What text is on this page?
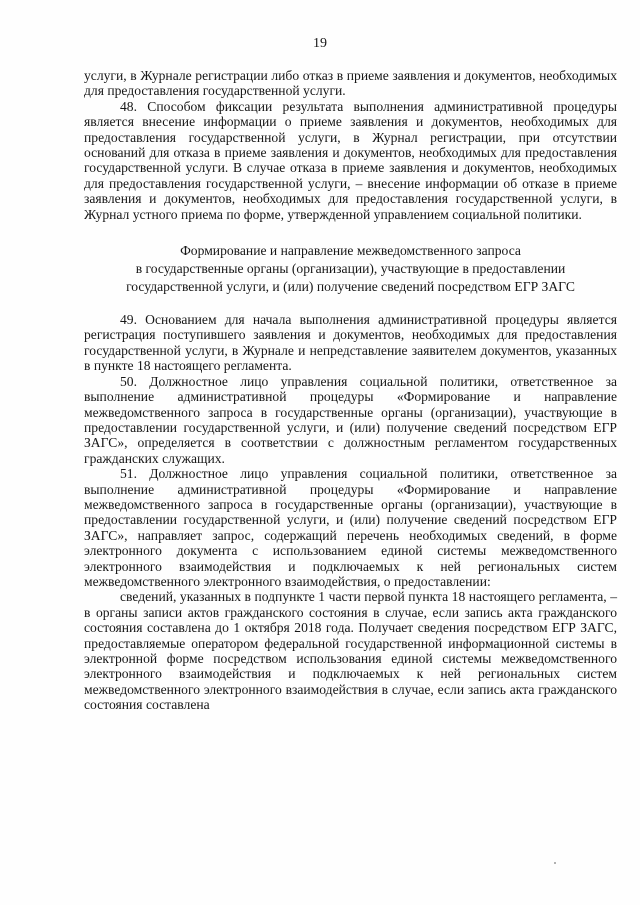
19

услуги, в Журнале регистрации либо отказ в приеме заявления и документов, необходимых для предоставления государственной услуги.

48. Способом фиксации результата выполнения административной процедуры является внесение информации о приеме заявления и документов, необходимых для предоставления государственной услуги, в Журнал регистрации, при отсутствии оснований для отказа в приеме заявления и документов, необходимых для предоставления государственной услуги. В случае отказа в приеме заявления и документов, необходимых для предоставления государственной услуги, – внесение информации об отказе в приеме заявления и документов, необходимых для предоставления государственной услуги, в Журнал устного приема по форме, утвержденной управлением социальной политики.

Формирование и направление межведомственного запроса
в государственные органы (организации), участвующие в предоставлении
государственной услуги, и (или) получение сведений посредством ЕГР ЗАГС

49. Основанием для начала выполнения административной процедуры является регистрация поступившего заявления и документов, необходимых для предоставления государственной услуги, в Журнале и непредставление заявителем документов, указанных в пункте 18 настоящего регламента.

50. Должностное лицо управления социальной политики, ответственное за выполнение административной процедуры «Формирование и направление межведомственного запроса в государственные органы (организации), участвующие в предоставлении государственной услуги, и (или) получение сведений посредством ЕГР ЗАГС», определяется в соответствии с должностным регламентом государственных гражданских служащих.

51. Должностное лицо управления социальной политики, ответственное за выполнение административной процедуры «Формирование и направление межведомственного запроса в государственные органы (организации), участвующие в предоставлении государственной услуги, и (или) получение сведений посредством ЕГР ЗАГС», направляет запрос, содержащий перечень необходимых сведений, в форме электронного документа с использованием единой системы межведомственного электронного взаимодействия и подключаемых к ней региональных систем межведомственного электронного взаимодействия, о предоставлении:

сведений, указанных в подпункте 1 части первой пункта 18 настоящего регламента, – в органы записи актов гражданского состояния в случае, если запись акта гражданского состояния составлена до 1 октября 2018 года. Получает сведения посредством ЕГР ЗАГС, предоставляемые оператором федеральной государственной информационной системы в электронной форме посредством использования единой системы межведомственного электронного взаимодействия и подключаемых к ней региональных систем межведомственного электронного взаимодействия в случае, если запись акта гражданского состояния составлена
